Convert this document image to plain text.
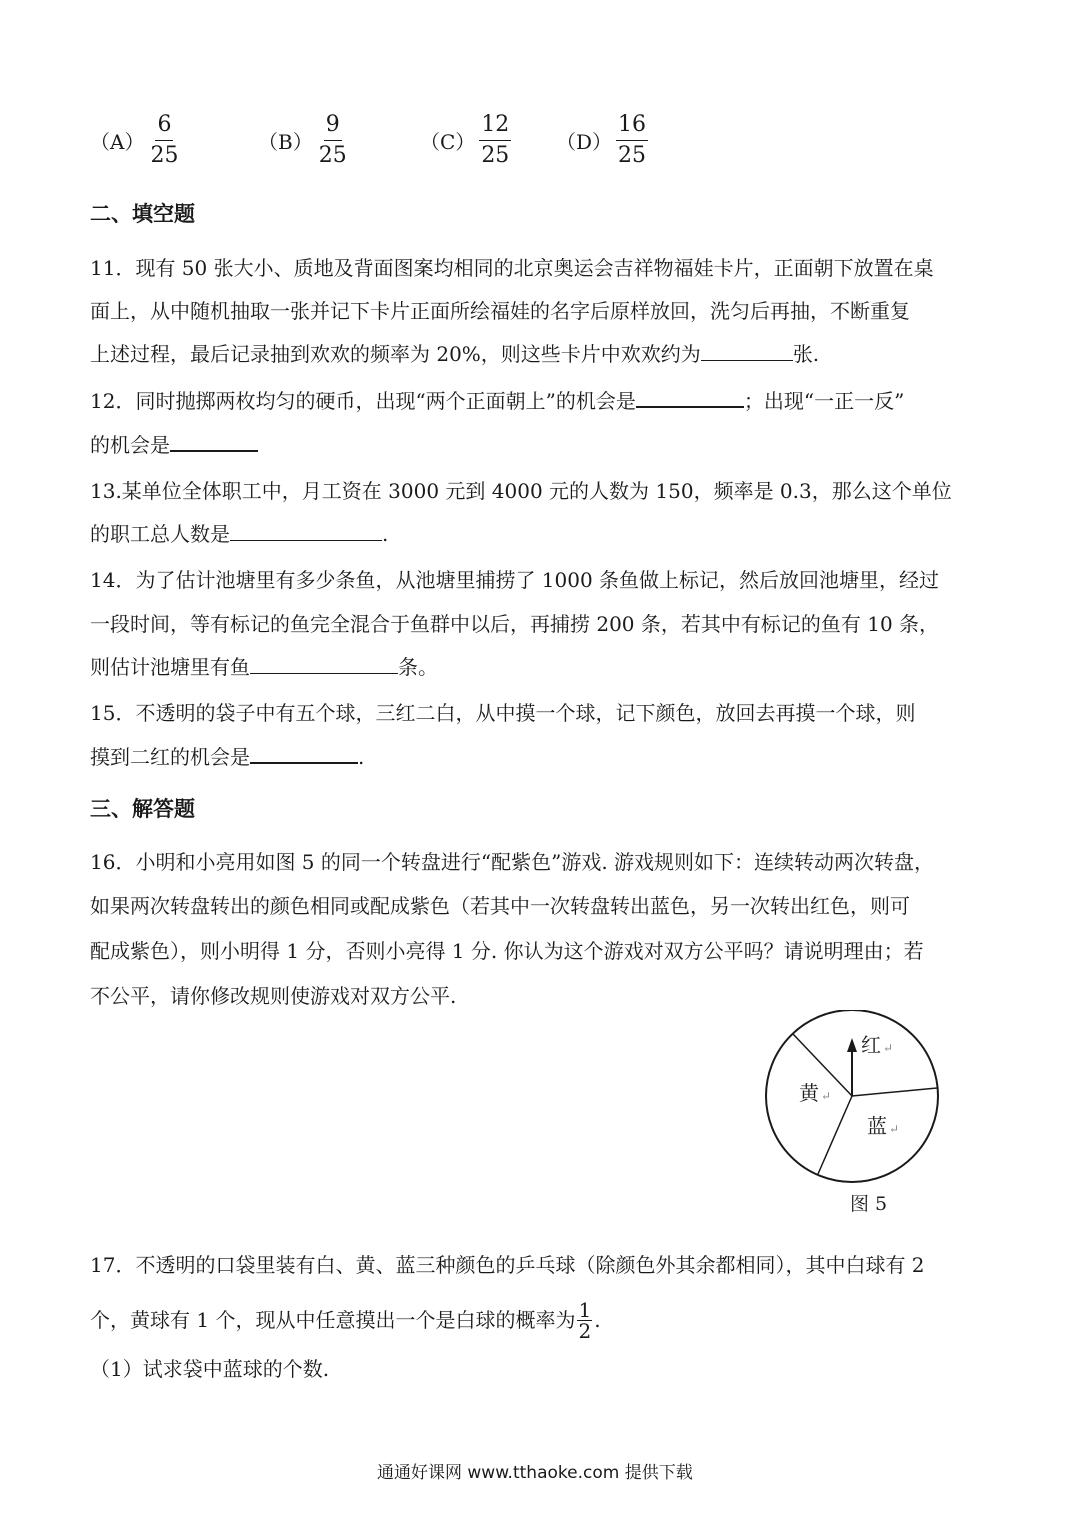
$(A) \frac{6}{25}$	$(B) \frac{9}{25}$	$(C) \frac{12}{25} (D) \frac{16}{25}$
二、填空题
11．现有 50 张大小、质地及背面图案均相同的北京奥运会吉祥物福娃卡片，正面朝下放置在桌
面上，从中随机抽取一张并记下卡片正面所绘福娃的名字后原样放回，洗匀后再抽，不断重复
上述过程，最后记录抽到欢欢的频率为 20%，则这些卡片中欢欢约为	张.
12．同时抛掷两枚均匀的硬币，出现“两个正面朝上”的机会是	；出现“一正一反”
的机会是
13.某单位全体职工中，月工资在 3000 元到 4000 元的人数为 150，频率是 0.3，那么这个单位
的职工总人数是	.
14．为了估计池塘里有多少条鱼，从池塘里捕捞了 1000 条鱼做上标记，然后放回池塘里，经过
一段时间，等有标记的鱼完全混合于鱼群中以后，再捕捞 200 条，若其中有标记的鱼有 10 条，
则估计池塘里有鱼	条。
15．不透明的袋子中有五个球，三红二白，从中摸一个球，记下颜色，放回去再摸一个球，则
摸到二红的机会是	.
三、解答题
16．小明和小亮用如图 5 的同一个转盘进行“配紫色”游戏. 游戏规则如下：连续转动两次转盘，
如果两次转盘转出的颜色相同或配成紫色（若其中一次转盘转出蓝色，另一次转出红色，则可
配成紫色），则小明得 1 分，否则小亮得 1 分. 你认为这个游戏对双方公平吗？请说明理由；若
不公平，请你修改规则使游戏对双方公平.
红 ↵
黄 ↵
蓝 ↵
图 5
17．不透明的口袋里装有白、黄、蓝三种颜色的乒乓球（除颜色外其余都相同），其中白球有 2
个，黄球有 1 个，现从中任意摸出一个是白球的概率为 $\frac{1}{2}$ .
（1）试求袋中蓝球的个数.
通通好课网 www.tthaoke.com 提供下载
